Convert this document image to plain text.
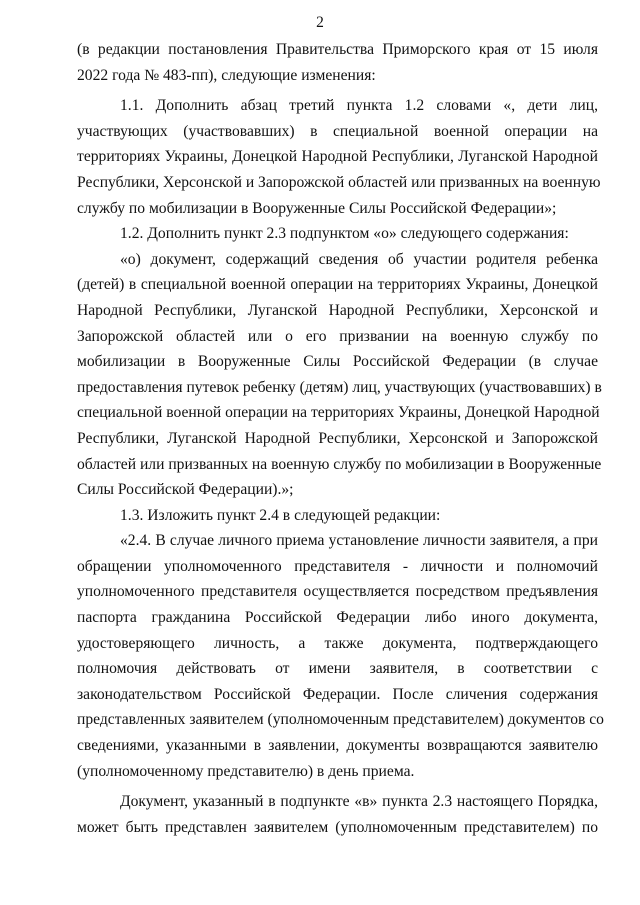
2
(в редакции постановления Правительства Приморского края от 15 июля
2022 года № 483-пп), следующие изменения:
1.1. Дополнить абзац третий пункта 1.2 словами «, дети лиц,
участвующих (участвовавших) в специальной военной операции на
территориях Украины, Донецкой Народной Республики, Луганской Народной
Республики, Херсонской и Запорожской областей или призванных на военную
службу по мобилизации в Вооруженные Силы Российской Федерации»;
1.2. Дополнить пункт 2.3 подпунктом «о» следующего содержания:
«о) документ, содержащий сведения об участии родителя ребенка
(детей) в специальной военной операции на территориях Украины, Донецкой
Народной Республики, Луганской Народной Республики, Херсонской и
Запорожской областей или о его призвании на военную службу по
мобилизации в Вооруженные Силы Российской Федерации (в случае
предоставления путевок ребенку (детям) лиц, участвующих (участвовавших) в
специальной военной операции на территориях Украины, Донецкой Народной
Республики, Луганской Народной Республики, Херсонской и Запорожской
областей или призванных на военную службу по мобилизации в Вооруженные
Силы Российской Федерации).»;
1.3. Изложить пункт 2.4 в следующей редакции:
«2.4. В случае личного приема установление личности заявителя, а при
обращении уполномоченного представителя - личности и полномочий
уполномоченного представителя осуществляется посредством предъявления
паспорта гражданина Российской Федерации либо иного документа,
удостоверяющего личность, а также документа, подтверждающего
полномочия действовать от имени заявителя, в соответствии с
законодательством Российской Федерации. После сличения содержания
представленных заявителем (уполномоченным представителем) документов со
сведениями, указанными в заявлении, документы возвращаются заявителю
(уполномоченному представителю) в день приема.
Документ, указанный в подпункте «в» пункта 2.3 настоящего Порядка,
может быть представлен заявителем (уполномоченным представителем) по
